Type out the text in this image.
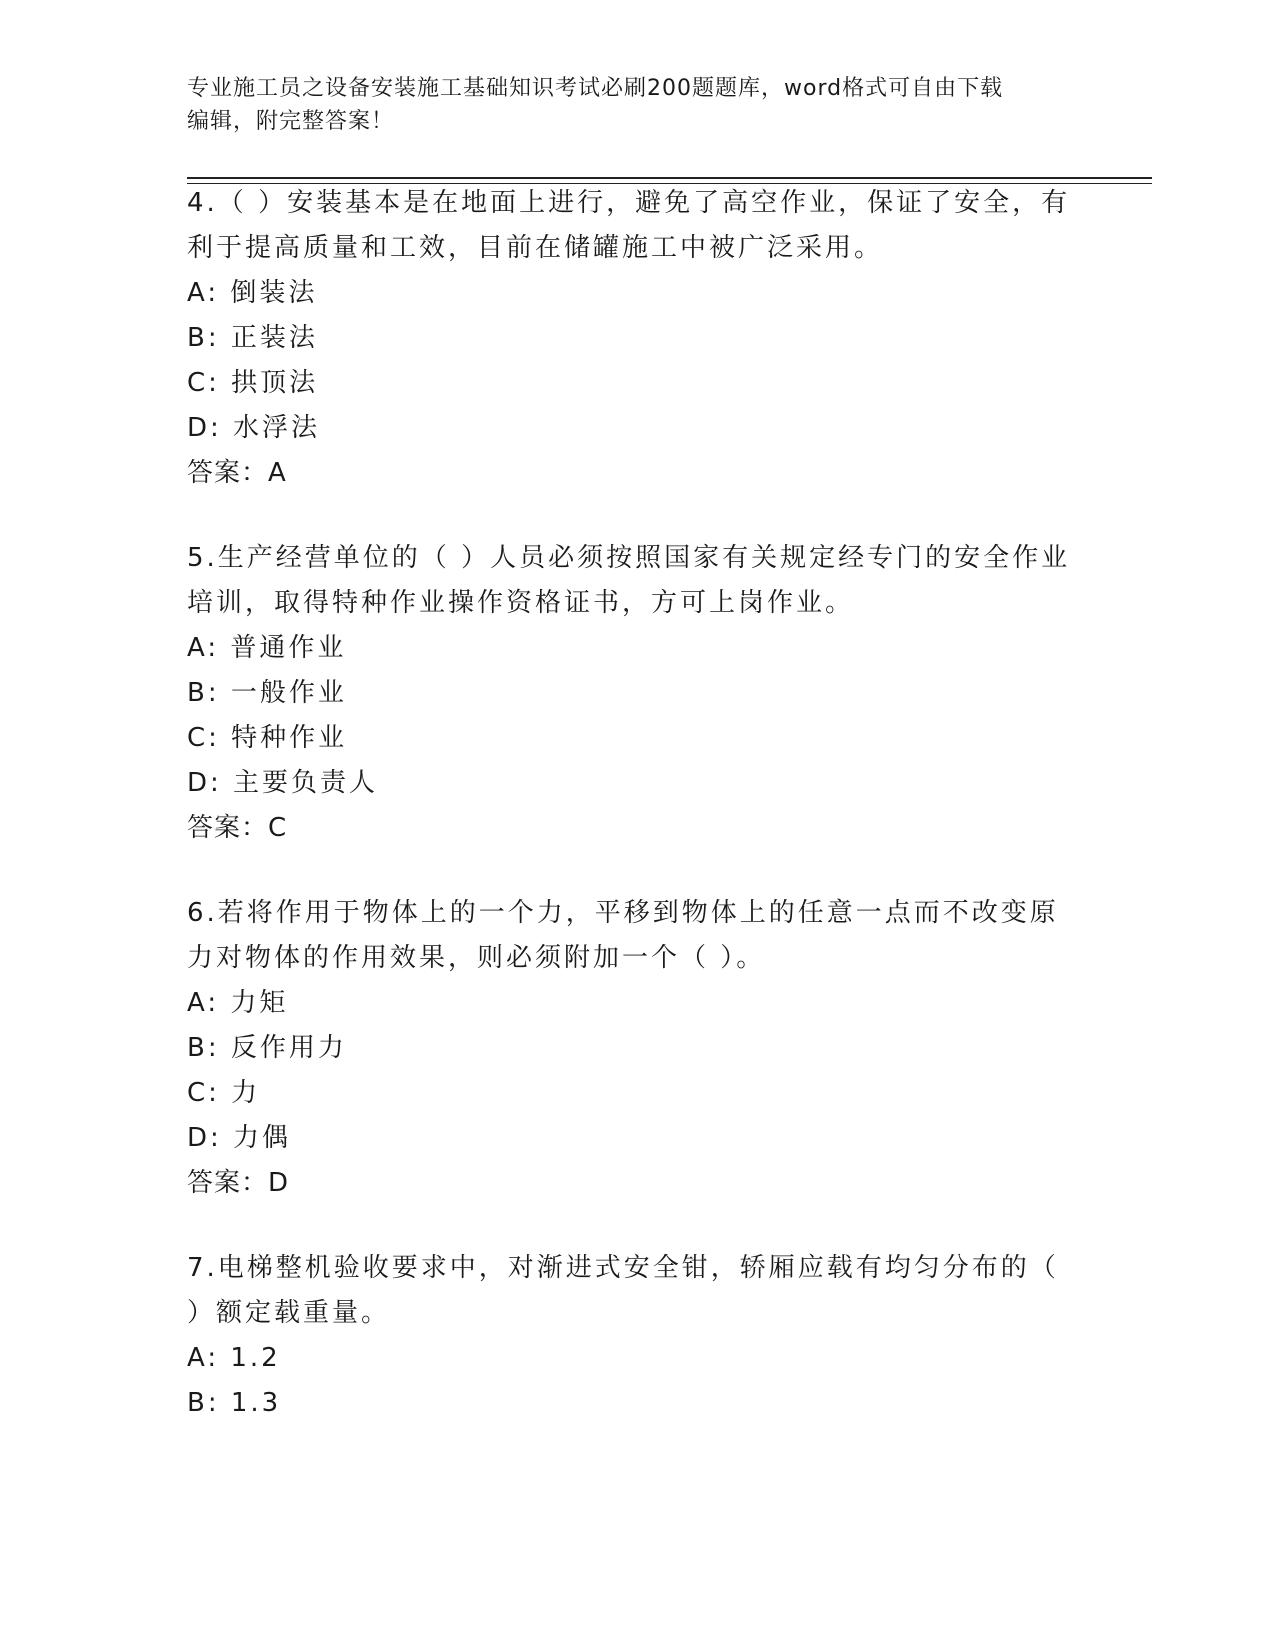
专业施工员之设备安装施工基础知识考试必刷200题题库，word格式可自由下载
编辑，附完整答案！
4.（ ）安装基本是在地面上进行，避免了高空作业，保证了安全，有
利于提高质量和工效，目前在储罐施工中被广泛采用。
A: 倒装法
B: 正装法
C: 拱顶法
D: 水浮法
答案：A
5.生产经营单位的（ ）人员必须按照国家有关规定经专门的安全作业
培训，取得特种作业操作资格证书，方可上岗作业。
A: 普通作业
B: 一般作业
C: 特种作业
D: 主要负责人
答案：C
6.若将作用于物体上的一个力，平移到物体上的任意一点而不改变原
力对物体的作用效果，则必须附加一个（ ）。
A: 力矩
B: 反作用力
C: 力
D: 力偶
答案：D
7.电梯整机验收要求中，对渐进式安全钳，轿厢应载有均匀分布的（
）额定载重量。
A: 1.2
B: 1.3
